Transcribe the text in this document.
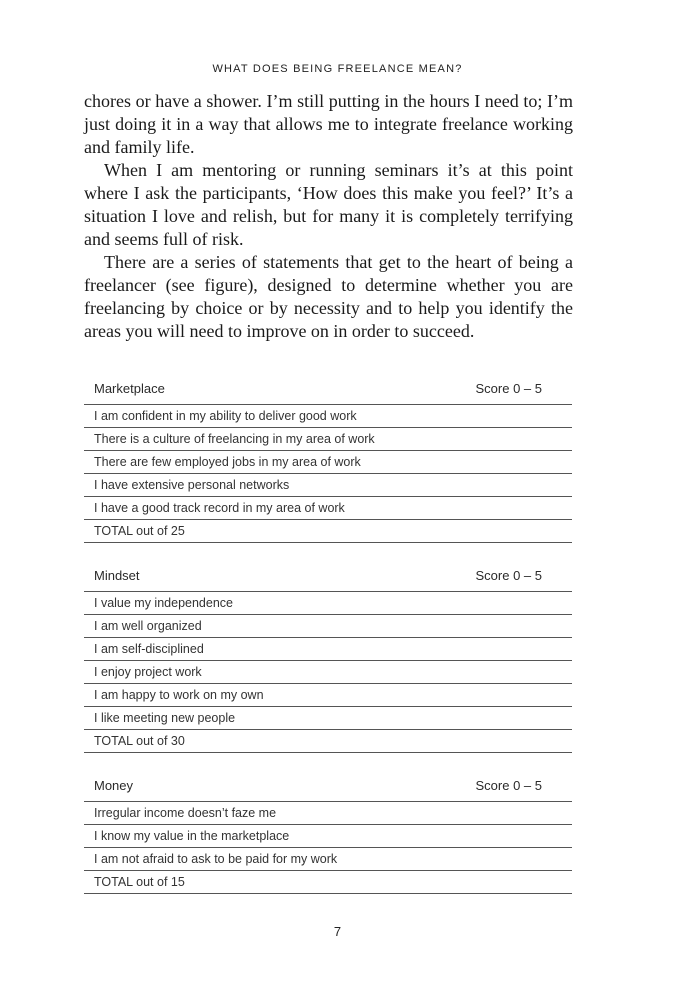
WHAT DOES BEING FREELANCE MEAN?

chores or have a shower. I’m still putting in the hours I need to; I’m just doing it in a way that allows me to integrate freelance working and family life.

When I am mentoring or running seminars it’s at this point where I ask the participants, ‘How does this make you feel?’ It’s a situation I love and relish, but for many it is completely terrifying and seems full of risk.

There are a series of statements that get to the heart of being a freelancer (see figure), designed to determine whether you are freelancing by choice or by necessity and to help you identify the areas you will need to improve on in order to succeed.

Marketplace	Score 0 – 5
I am confident in my ability to deliver good work
There is a culture of freelancing in my area of work
There are few employed jobs in my area of work
I have extensive personal networks
I have a good track record in my area of work
TOTAL out of 25
Mindset	Score 0 – 5
I value my independence
I am well organized
I am self-disciplined
I enjoy project work
I am happy to work on my own
I like meeting new people
TOTAL out of 30
Money	Score 0 – 5
Irregular income doesn’t faze me
I know my value in the marketplace
I am not afraid to ask to be paid for my work
TOTAL out of 15
7
